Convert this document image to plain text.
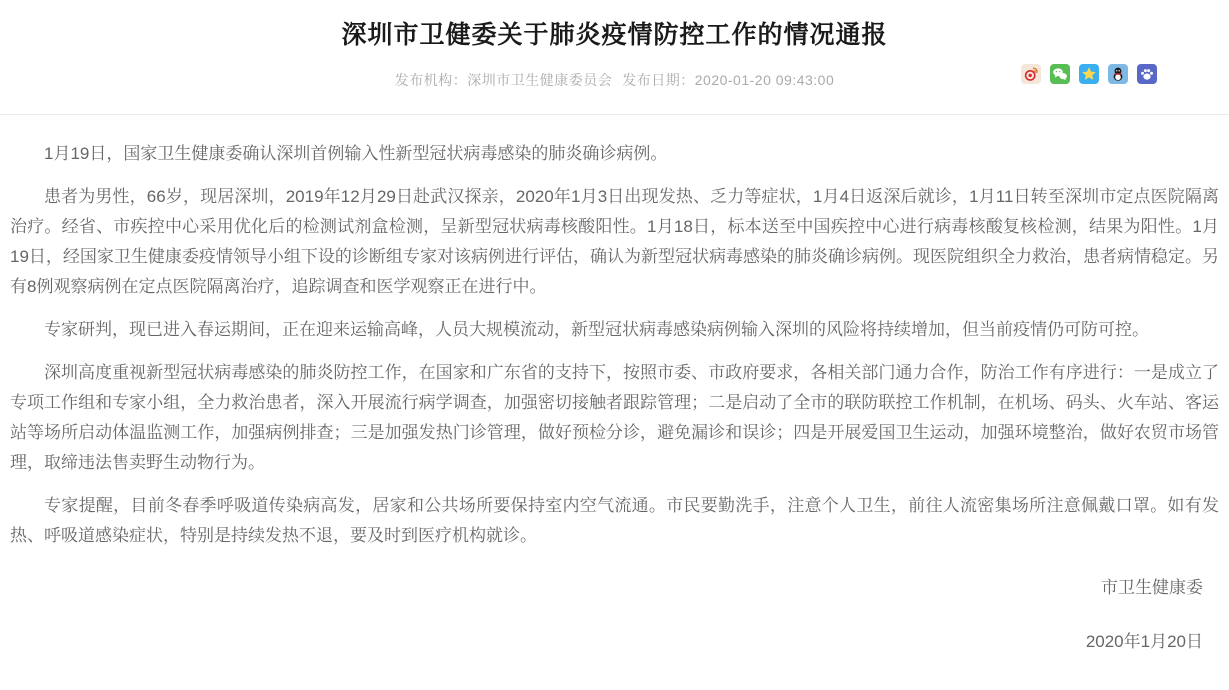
深圳市卫健委关于肺炎疫情防控工作的情况通报
发布机构：深圳市卫生健康委员会 发布日期：2020-01-20 09:43:00

1月19日，国家卫生健康委确认深圳首例输入性新型冠状病毒感染的肺炎确诊病例。

患者为男性，66岁，现居深圳，2019年12月29日赴武汉探亲，2020年1月3日出现发热、乏力等症状，1月4日返深后就诊，1月11日转至深圳市定点医院隔离治疗。经省、市疾控中心采用优化后的检测试剂盒检测，呈新型冠状病毒核酸阳性。1月18日，标本送至中国疾控中心进行病毒核酸复核检测，结果为阳性。1月19日，经国家卫生健康委疫情领导小组下设的诊断组专家对该病例进行评估，确认为新型冠状病毒感染的肺炎确诊病例。现医院组织全力救治，患者病情稳定。另有8例观察病例在定点医院隔离治疗，追踪调查和医学观察正在进行中。

专家研判，现已进入春运期间，正在迎来运输高峰，人员大规模流动，新型冠状病毒感染病例输入深圳的风险将持续增加，但当前疫情仍可防可控。

深圳高度重视新型冠状病毒感染的肺炎防控工作，在国家和广东省的支持下，按照市委、市政府要求，各相关部门通力合作，防治工作有序进行：一是成立了专项工作组和专家小组，全力救治患者，深入开展流行病学调查，加强密切接触者跟踪管理；二是启动了全市的联防联控工作机制，在机场、码头、火车站、客运站等场所启动体温监测工作，加强病例排查；三是加强发热门诊管理，做好预检分诊，避免漏诊和误诊；四是开展爱国卫生运动，加强环境整治，做好农贸市场管理，取缔违法售卖野生动物行为。

专家提醒，目前冬春季呼吸道传染病高发，居家和公共场所要保持室内空气流通。市民要勤洗手，注意个人卫生，前往人流密集场所注意佩戴口罩。如有发热、呼吸道感染症状，特别是持续发热不退，要及时到医疗机构就诊。

市卫生健康委
2020年1月20日
